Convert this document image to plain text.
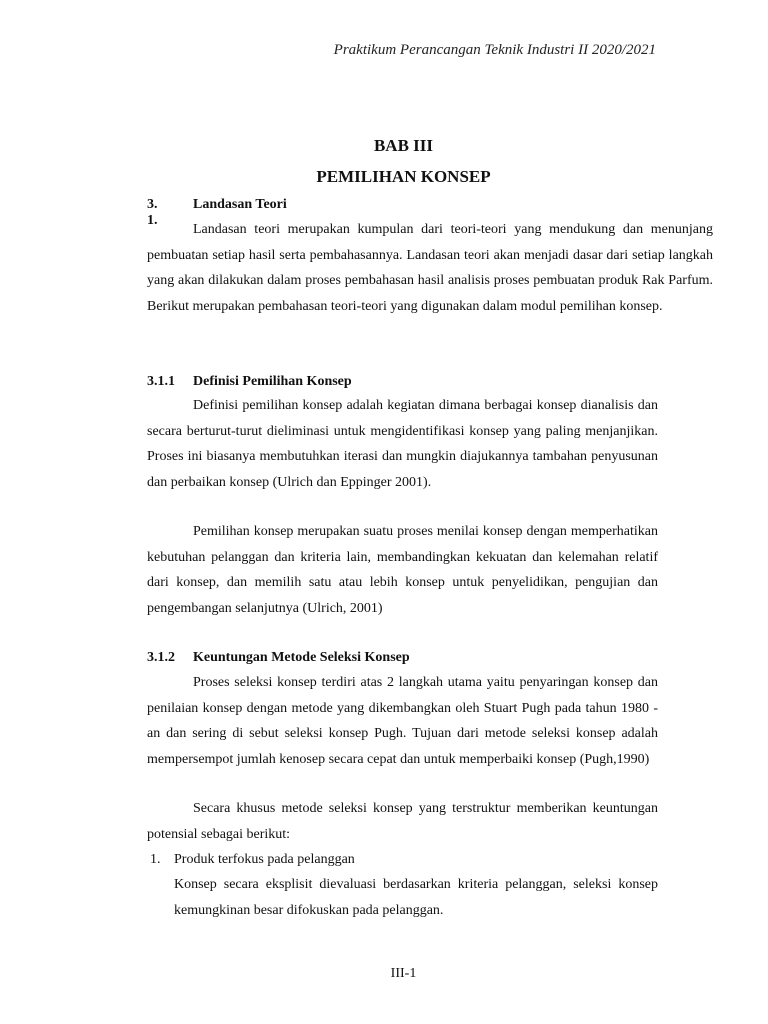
Praktikum Perancangan Teknik Industri II 2020/2021
BAB III
PEMILIHAN KONSEP
3. 1.
Landasan Teori

Landasan teori merupakan kumpulan dari teori-teori yang mendukung dan menunjang pembuatan setiap hasil serta pembahasannya. Landasan teori akan menjadi dasar dari setiap langkah yang akan dilakukan dalam proses pembahasan hasil analisis proses pembuatan produk Rak Parfum. Berikut merupakan pembahasan teori-teori yang digunakan dalam modul pemilihan konsep.

3.1.1 Definisi Pemilihan Konsep

Definisi pemilihan konsep adalah kegiatan dimana berbagai konsep dianalisis dan secara berturut-turut dieliminasi untuk mengidentifikasi konsep yang paling menjanjikan. Proses ini biasanya membutuhkan iterasi dan mungkin diajukannya tambahan penyusunan dan perbaikan konsep (Ulrich dan Eppinger 2001).

Pemilihan konsep merupakan suatu proses menilai konsep dengan memperhatikan kebutuhan pelanggan dan kriteria lain, membandingkan kekuatan dan kelemahan relatif dari konsep, dan memilih satu atau lebih konsep untuk penyelidikan, pengujian dan pengembangan selanjutnya (Ulrich, 2001)

3.1.2 Keuntungan Metode Seleksi Konsep

Proses seleksi konsep terdiri atas 2 langkah utama yaitu penyaringan konsep dan penilaian konsep dengan metode yang dikembangkan oleh Stuart Pugh pada tahun 1980 -an dan sering di sebut seleksi konsep Pugh. Tujuan dari metode seleksi konsep adalah mempersempot jumlah kenosep secara cepat dan untuk memperbaiki konsep (Pugh,1990)

Secara khusus metode seleksi konsep yang terstruktur memberikan keuntungan potensial sebagai berikut:

1. Produk terfokus pada pelanggan

Konsep secara eksplisit dievaluasi berdasarkan kriteria pelanggan, seleksi konsep kemungkinan besar difokuskan pada pelanggan.

III-1
